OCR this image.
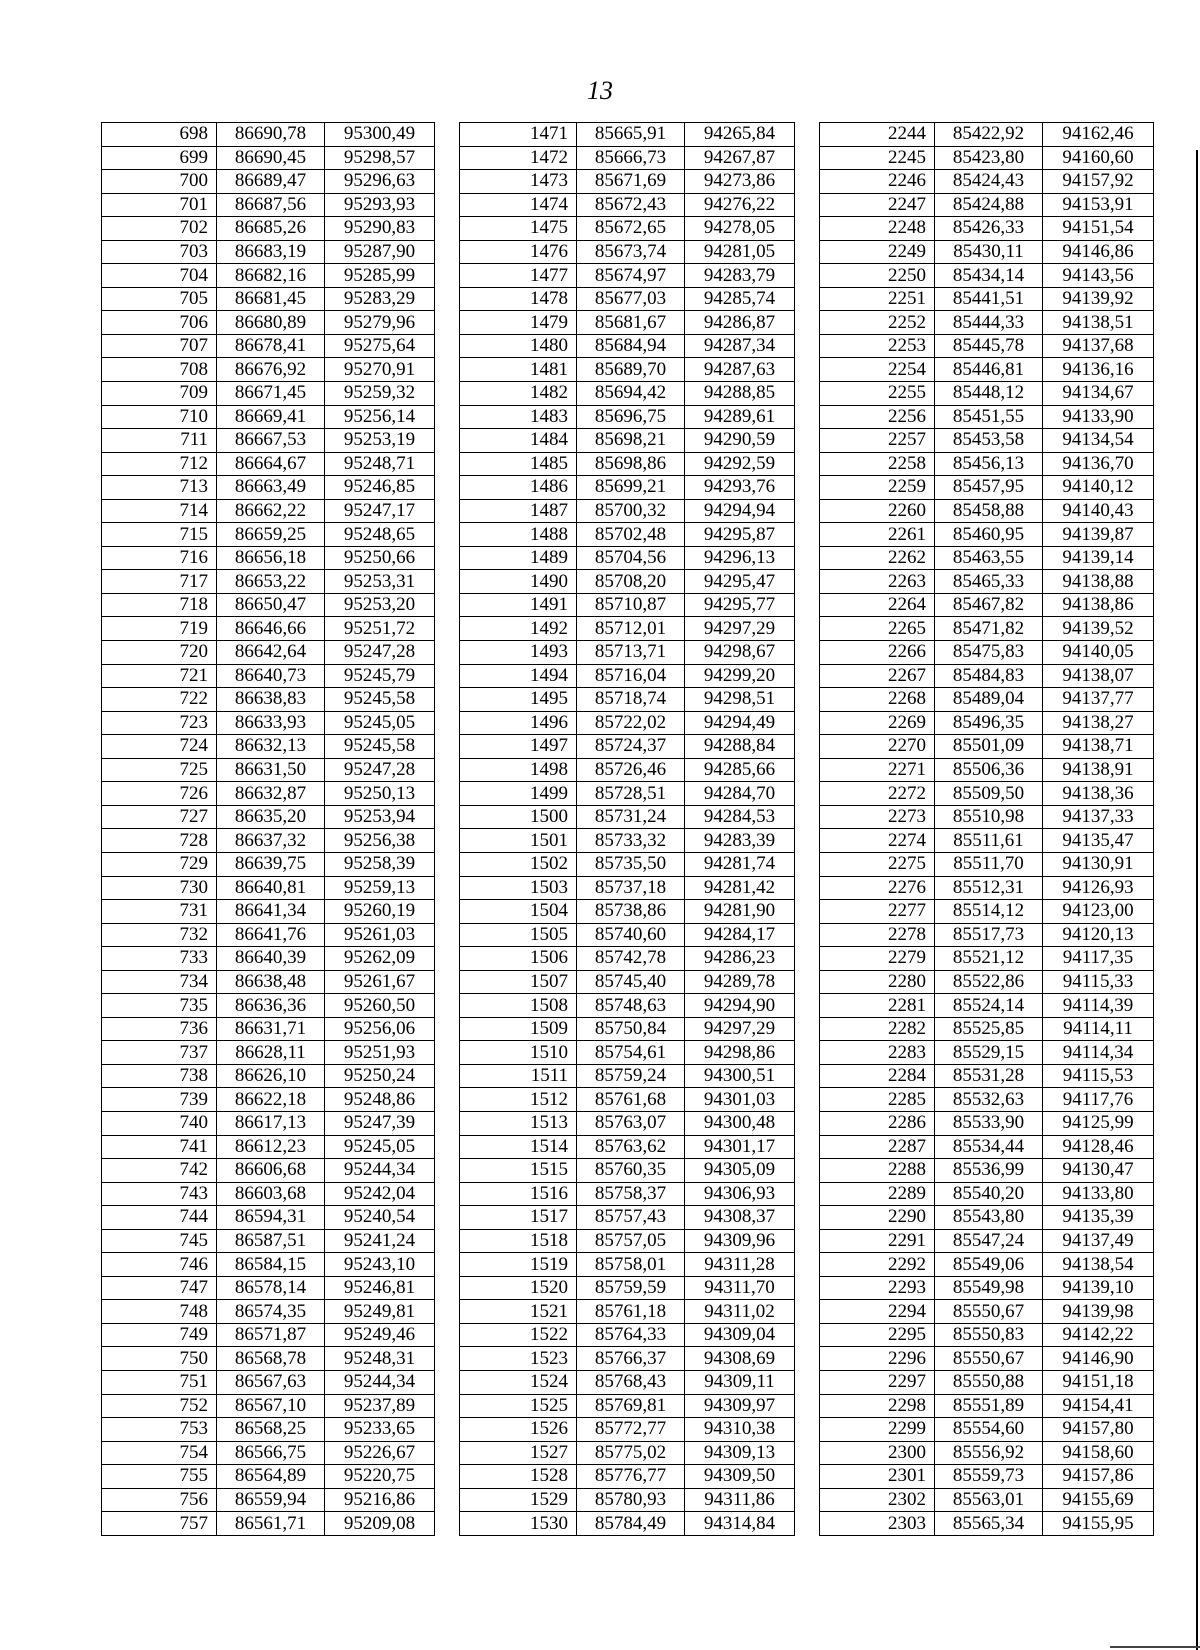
13
698	86690,78	95300,49
699	86690,45	95298,57
700	86689,47	95296,63
701	86687,56	95293,93
702	86685,26	95290,83
703	86683,19	95287,90
704	86682,16	95285,99
705	86681,45	95283,29
706	86680,89	95279,96
707	86678,41	95275,64
708	86676,92	95270,91
709	86671,45	95259,32
710	86669,41	95256,14
711	86667,53	95253,19
712	86664,67	95248,71
713	86663,49	95246,85
714	86662,22	95247,17
715	86659,25	95248,65
716	86656,18	95250,66
717	86653,22	95253,31
718	86650,47	95253,20
719	86646,66	95251,72
720	86642,64	95247,28
721	86640,73	95245,79
722	86638,83	95245,58
723	86633,93	95245,05
724	86632,13	95245,58
725	86631,50	95247,28
726	86632,87	95250,13
727	86635,20	95253,94
728	86637,32	95256,38
729	86639,75	95258,39
730	86640,81	95259,13
731	86641,34	95260,19
732	86641,76	95261,03
733	86640,39	95262,09
734	86638,48	95261,67
735	86636,36	95260,50
736	86631,71	95256,06
737	86628,11	95251,93
738	86626,10	95250,24
739	86622,18	95248,86
740	86617,13	95247,39
741	86612,23	95245,05
742	86606,68	95244,34
743	86603,68	95242,04
744	86594,31	95240,54
745	86587,51	95241,24
746	86584,15	95243,10
747	86578,14	95246,81
748	86574,35	95249,81
749	86571,87	95249,46
750	86568,78	95248,31
751	86567,63	95244,34
752	86567,10	95237,89
753	86568,25	95233,65
754	86566,75	95226,67
755	86564,89	95220,75
756	86559,94	95216,86
757	86561,71	95209,08
1471	85665,91	94265,84
1472	85666,73	94267,87
1473	85671,69	94273,86
1474	85672,43	94276,22
1475	85672,65	94278,05
1476	85673,74	94281,05
1477	85674,97	94283,79
1478	85677,03	94285,74
1479	85681,67	94286,87
1480	85684,94	94287,34
1481	85689,70	94287,63
1482	85694,42	94288,85
1483	85696,75	94289,61
1484	85698,21	94290,59
1485	85698,86	94292,59
1486	85699,21	94293,76
1487	85700,32	94294,94
1488	85702,48	94295,87
1489	85704,56	94296,13
1490	85708,20	94295,47
1491	85710,87	94295,77
1492	85712,01	94297,29
1493	85713,71	94298,67
1494	85716,04	94299,20
1495	85718,74	94298,51
1496	85722,02	94294,49
1497	85724,37	94288,84
1498	85726,46	94285,66
1499	85728,51	94284,70
1500	85731,24	94284,53
1501	85733,32	94283,39
1502	85735,50	94281,74
1503	85737,18	94281,42
1504	85738,86	94281,90
1505	85740,60	94284,17
1506	85742,78	94286,23
1507	85745,40	94289,78
1508	85748,63	94294,90
1509	85750,84	94297,29
1510	85754,61	94298,86
1511	85759,24	94300,51
1512	85761,68	94301,03
1513	85763,07	94300,48
1514	85763,62	94301,17
1515	85760,35	94305,09
1516	85758,37	94306,93
1517	85757,43	94308,37
1518	85757,05	94309,96
1519	85758,01	94311,28
1520	85759,59	94311,70
1521	85761,18	94311,02
1522	85764,33	94309,04
1523	85766,37	94308,69
1524	85768,43	94309,11
1525	85769,81	94309,97
1526	85772,77	94310,38
1527	85775,02	94309,13
1528	85776,77	94309,50
1529	85780,93	94311,86
1530	85784,49	94314,84
2244	85422,92	94162,46
2245	85423,80	94160,60
2246	85424,43	94157,92
2247	85424,88	94153,91
2248	85426,33	94151,54
2249	85430,11	94146,86
2250	85434,14	94143,56
2251	85441,51	94139,92
2252	85444,33	94138,51
2253	85445,78	94137,68
2254	85446,81	94136,16
2255	85448,12	94134,67
2256	85451,55	94133,90
2257	85453,58	94134,54
2258	85456,13	94136,70
2259	85457,95	94140,12
2260	85458,88	94140,43
2261	85460,95	94139,87
2262	85463,55	94139,14
2263	85465,33	94138,88
2264	85467,82	94138,86
2265	85471,82	94139,52
2266	85475,83	94140,05
2267	85484,83	94138,07
2268	85489,04	94137,77
2269	85496,35	94138,27
2270	85501,09	94138,71
2271	85506,36	94138,91
2272	85509,50	94138,36
2273	85510,98	94137,33
2274	85511,61	94135,47
2275	85511,70	94130,91
2276	85512,31	94126,93
2277	85514,12	94123,00
2278	85517,73	94120,13
2279	85521,12	94117,35
2280	85522,86	94115,33
2281	85524,14	94114,39
2282	85525,85	94114,11
2283	85529,15	94114,34
2284	85531,28	94115,53
2285	85532,63	94117,76
2286	85533,90	94125,99
2287	85534,44	94128,46
2288	85536,99	94130,47
2289	85540,20	94133,80
2290	85543,80	94135,39
2291	85547,24	94137,49
2292	85549,06	94138,54
2293	85549,98	94139,10
2294	85550,67	94139,98
2295	85550,83	94142,22
2296	85550,67	94146,90
2297	85550,88	94151,18
2298	85551,89	94154,41
2299	85554,60	94157,80
2300	85556,92	94158,60
2301	85559,73	94157,86
2302	85563,01	94155,69
2303	85565,34	94155,95
